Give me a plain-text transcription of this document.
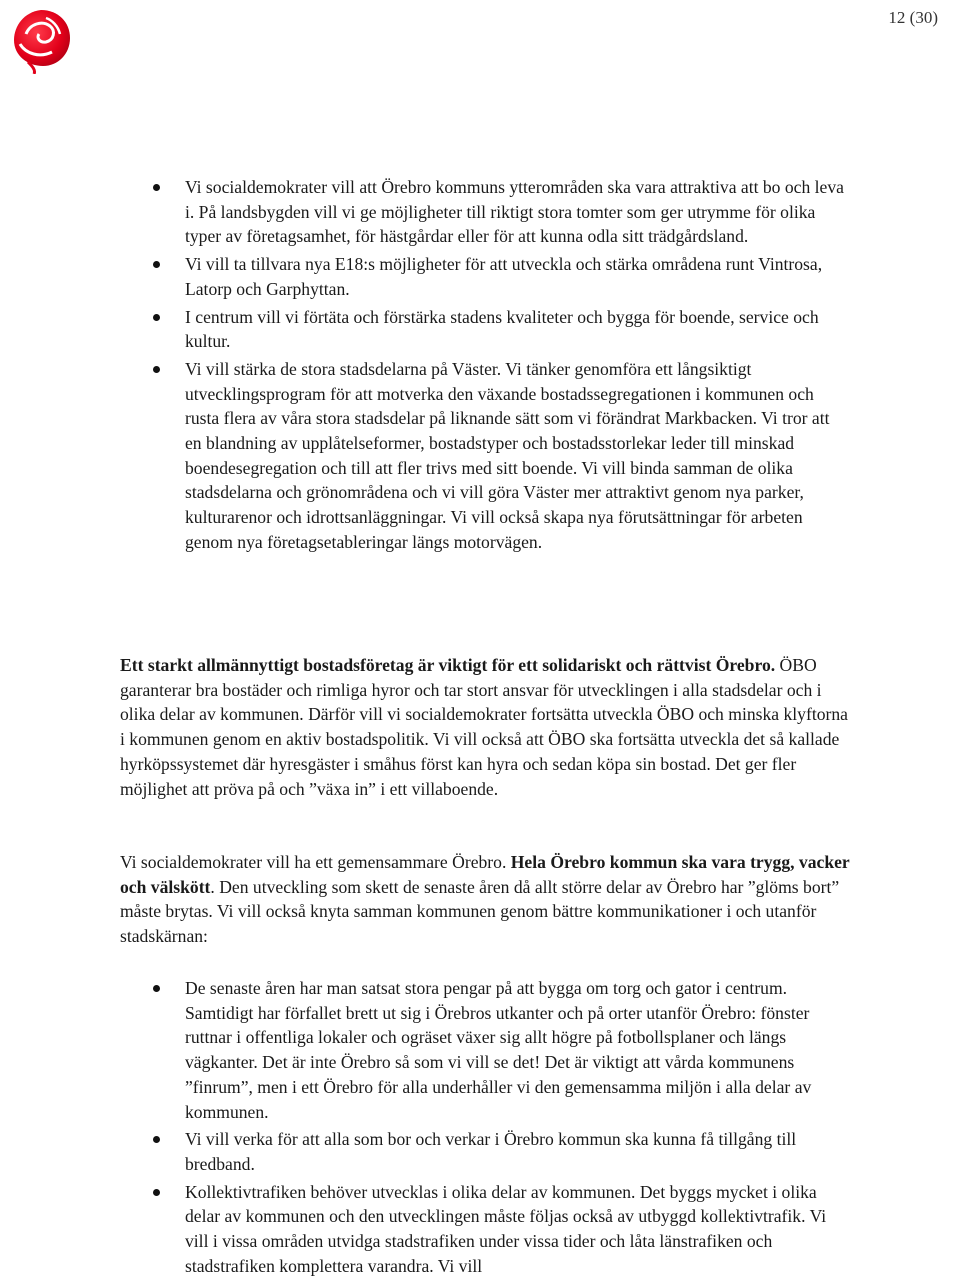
12 (30)
Vi socialdemokrater vill att Örebro kommuns ytterområden ska vara attraktiva att bo och leva i. På landsbygden vill vi ge möjligheter till riktigt stora tomter som ger utrymme för olika typer av företagsamhet, för hästgårdar eller för att kunna odla sitt trädgårdsland.
Vi vill ta tillvara nya E18:s möjligheter för att utveckla och stärka områdena runt Vintrosa, Latorp och Garphyttan.
I centrum vill vi förtäta och förstärka stadens kvaliteter och bygga för boende, service och kultur.
Vi vill stärka de stora stadsdelarna på Väster. Vi tänker genomföra ett långsiktigt utvecklingsprogram för att motverka den växande bostadssegregationen i kommunen och rusta flera av våra stora stadsdelar på liknande sätt som vi förändrat Markbacken. Vi tror att en blandning av upplåtelseformer, bostadstyper och bostadsstorlekar leder till minskad boendesegregation och till att fler trivs med sitt boende. Vi vill binda samman de olika stadsdelarna och grönområdena och vi vill göra Väster mer attraktivt genom nya parker, kulturarenor och idrottsanläggningar. Vi vill också skapa nya förutsättningar för arbeten genom nya företagsetableringar längs motorvägen.

Ett starkt allmännyttigt bostadsföretag är viktigt för ett solidariskt och rättvist Örebro. ÖBO garanterar bra bostäder och rimliga hyror och tar stort ansvar för utvecklingen i alla stadsdelar och i olika delar av kommunen. Därför vill vi socialdemokrater fortsätta utveckla ÖBO och minska klyftorna i kommunen genom en aktiv bostadspolitik. Vi vill också att ÖBO ska fortsätta utveckla det så kallade hyrköpssystemet där hyresgäster i småhus först kan hyra och sedan köpa sin bostad. Det ger fler möjlighet att pröva på och ”växa in” i ett villaboende.

Vi socialdemokrater vill ha ett gemensammare Örebro. Hela Örebro kommun ska vara trygg, vacker och välskött. Den utveckling som skett de senaste åren då allt större delar av Örebro har ”glöms bort” måste brytas. Vi vill också knyta samman kommunen genom bättre kommunikationer i och utanför stadskärnan:

De senaste åren har man satsat stora pengar på att bygga om torg och gator i centrum. Samtidigt har förfallet brett ut sig i Örebros utkanter och på orter utanför Örebro: fönster ruttnar i offentliga lokaler och ogräset växer sig allt högre på fotbollsplaner och längs vägkanter. Det är inte Örebro så som vi vill se det! Det är viktigt att vårda kommunens ”finrum”, men i ett Örebro för alla underhåller vi den gemensamma miljön i alla delar av kommunen.
Vi vill verka för att alla som bor och verkar i Örebro kommun ska kunna få tillgång till bredband.
Kollektivtrafiken behöver utvecklas i olika delar av kommunen. Det byggs mycket i olika delar av kommunen och den utvecklingen måste följas också av utbyggd kollektivtrafik. Vi vill i vissa områden utvidga stadstrafiken under vissa tider och låta länstrafiken och stadstrafiken komplettera varandra. Vi vill
